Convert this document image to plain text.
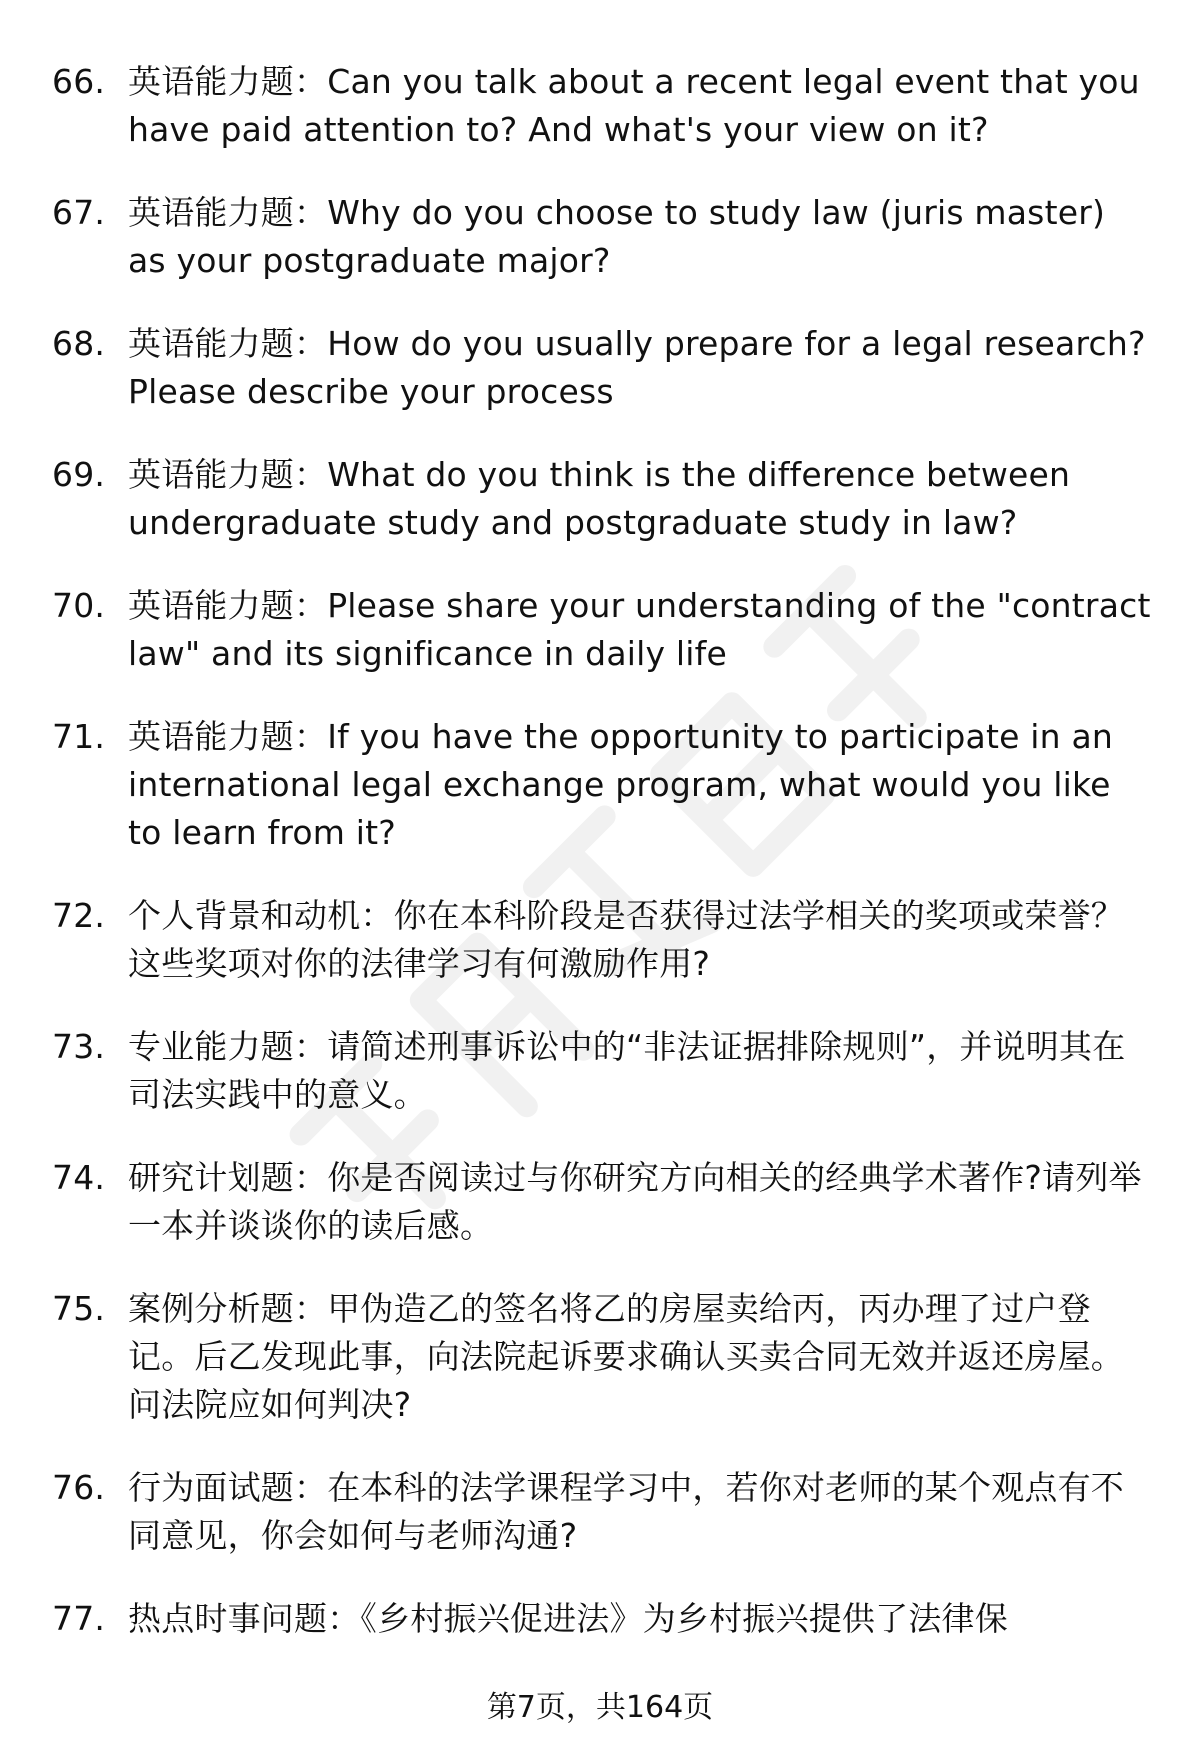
66. 英语能力题：Can you talk about a recent legal event that you have paid attention to? And what's your view on it?
67. 英语能力题：Why do you choose to study law (juris master) as your postgraduate major?
68. 英语能力题：How do you usually prepare for a legal research? Please describe your process
69. 英语能力题：What do you think is the difference between undergraduate study and postgraduate study in law?
70. 英语能力题：Please share your understanding of the "contract law" and its significance in daily life
71. 英语能力题：If you have the opportunity to participate in an international legal exchange program, what would you like to learn from it?
72. 个人背景和动机：你在本科阶段是否获得过法学相关的奖项或荣誉？这些奖项对你的法律学习有何激励作用?
73. 专业能力题：请简述刑事诉讼中的“非法证据排除规则”，并说明其在司法实践中的意义。
74. 研究计划题：你是否阅读过与你研究方向相关的经典学术著作?请列举一本并谈谈你的读后感。
75. 案例分析题：甲伪造乙的签名将乙的房屋卖给丙，丙办理了过户登记。后乙发现此事，向法院起诉要求确认买卖合同无效并返还房屋。问法院应如何判决?
76. 行为面试题：在本科的法学课程学习中，若你对老师的某个观点有不同意见，你会如何与老师沟通?
77. 热点时事问题：《乡村振兴促进法》为乡村振兴提供了法律保
第7页，共164页
